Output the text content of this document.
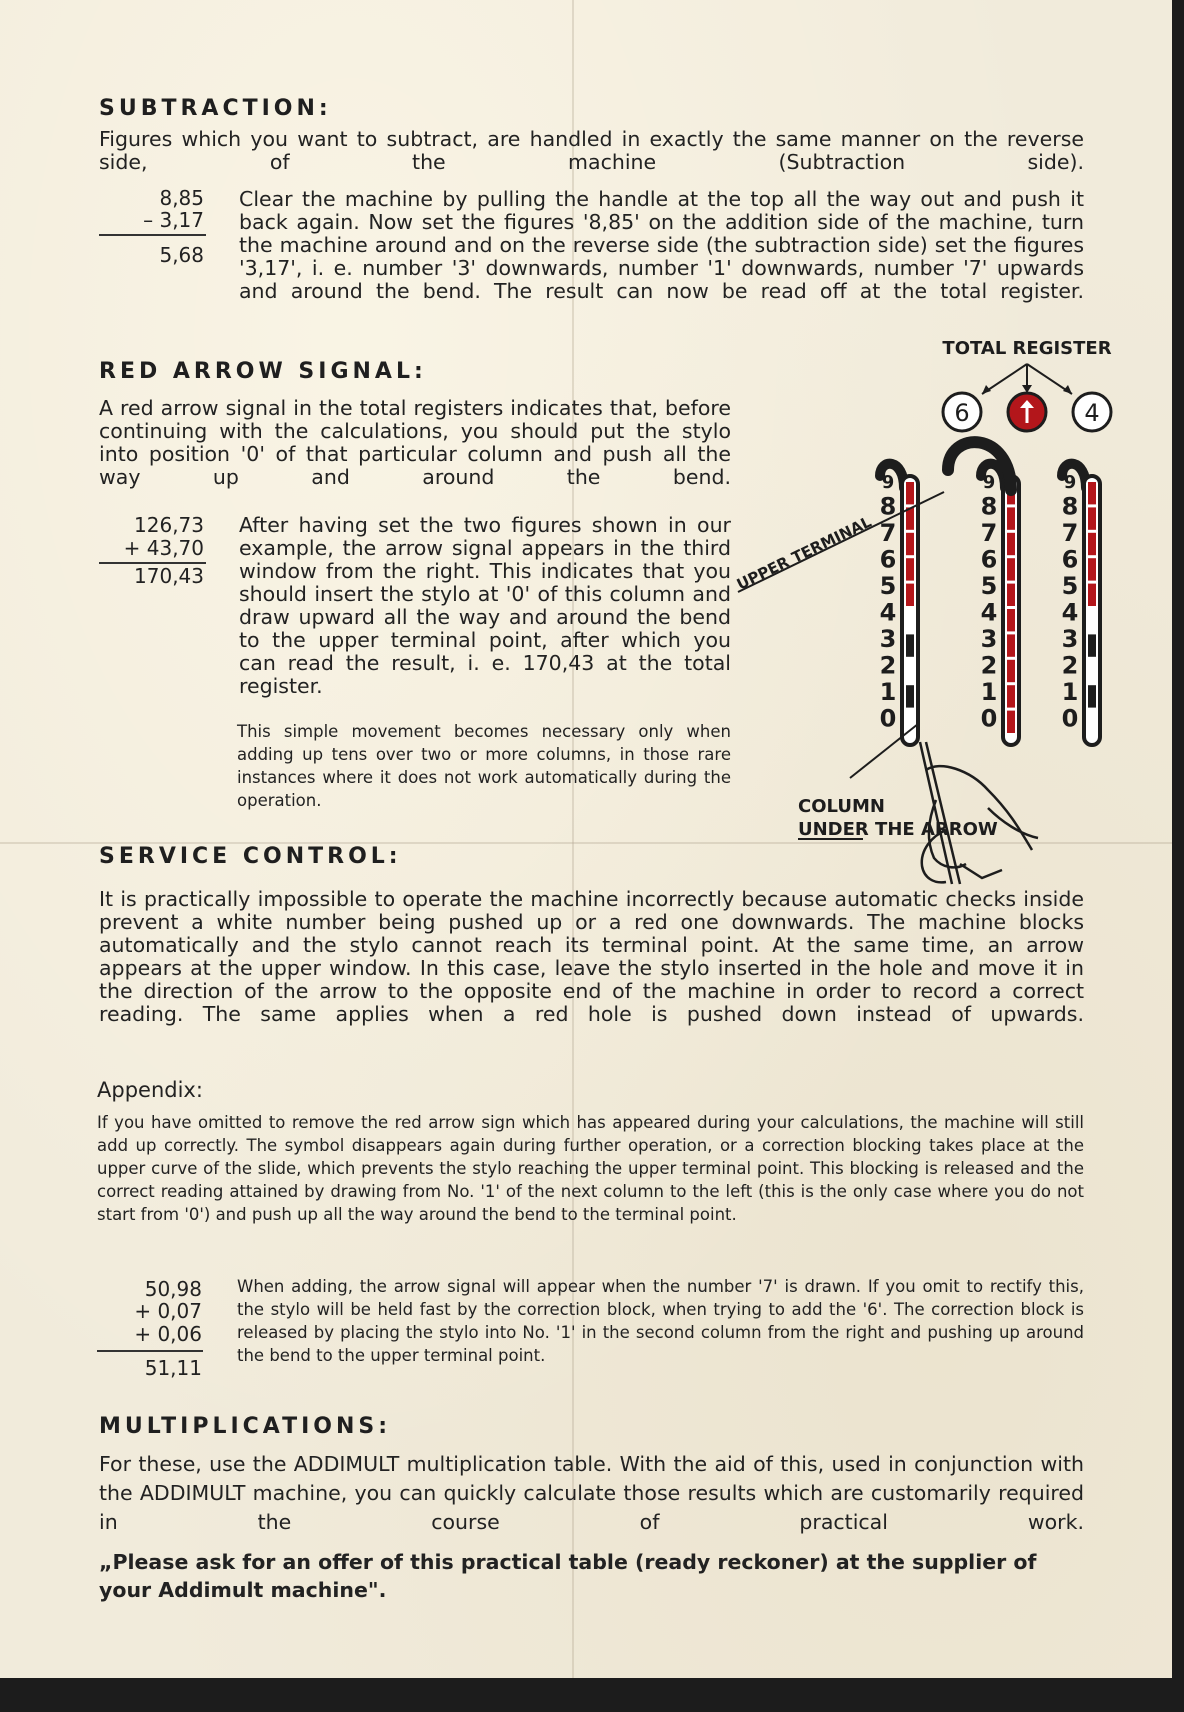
SUBTRACTION:
Figures which you want to subtract, are handled in exactly the same manner on the reverse side, of the machine (Subtraction side).
8,85
– 3,17
5,68
Clear the machine by pulling the handle at the top all the way out and push it back again. Now set the figures '8,85' on the addition side of the machine, turn the machine around and on the reverse side (the subtraction side) set the figures '3,17', i. e. number '3' downwards, number '1' downwards, number '7' upwards and around the bend. The result can now be read off at the total register.
RED ARROW SIGNAL:
A red arrow signal in the total registers indicates that, before continuing with the calculations, you should put the stylo into position '0' of that particular column and push all the way up and around the bend.
126,73
+ 43,70
170,43
After having set the two figures shown in our example, the arrow signal appears in the third window from the right. This indicates that you should insert the stylo at '0' of this column and draw upward all the way and around the bend to the upper terminal point, after which you can read the result, i. e. 170,43 at the total register.
This simple movement becomes necessary only when adding up tens over two or more columns, in those rare instances where it does not work automatically during the operation.
TOTAL REGISTER
6	4
9
8
7
6
5
4
3
2
1
0
9
8
7
6
5
4
3
2
1
0
9
8
7
6
5
4
3
2
1
0
UPPER TERMINAL
COLUMN
UNDER THE ARROW
SERVICE CONTROL:
It is practically impossible to operate the machine incorrectly because automatic checks inside prevent a white number being pushed up or a red one downwards. The machine blocks automatically and the stylo cannot reach its terminal point. At the same time, an arrow appears at the upper window. In this case, leave the stylo inserted in the hole and move it in the direction of the arrow to the opposite end of the machine in order to record a correct reading. The same applies when a red hole is pushed down instead of upwards.
Appendix:
If you have omitted to remove the red arrow sign which has appeared during your calculations, the machine will still add up correctly. The symbol disappears again during further operation, or a correction blocking takes place at the upper curve of the slide, which prevents the stylo reaching the upper terminal point. This blocking is released and the correct reading attained by drawing from No. '1' of the next column to the left (this is the only case where you do not start from '0') and push up all the way around the bend to the terminal point.
50,98
+ 0,07
+ 0,06
51,11
When adding, the arrow signal will appear when the number '7' is drawn. If you omit to rectify this, the stylo will be held fast by the correction block, when trying to add the '6'. The correction block is released by placing the stylo into No. '1' in the second column from the right and pushing up around the bend to the upper terminal point.
MULTIPLICATIONS:
For these, use the ADDIMULT multiplication table. With the aid of this, used in conjunction with the ADDIMULT machine, you can quickly calculate those results which are customarily required in the course of practical work.
„Please ask for an offer of this practical table (ready reckoner) at the supplier of your Addimult machine".
